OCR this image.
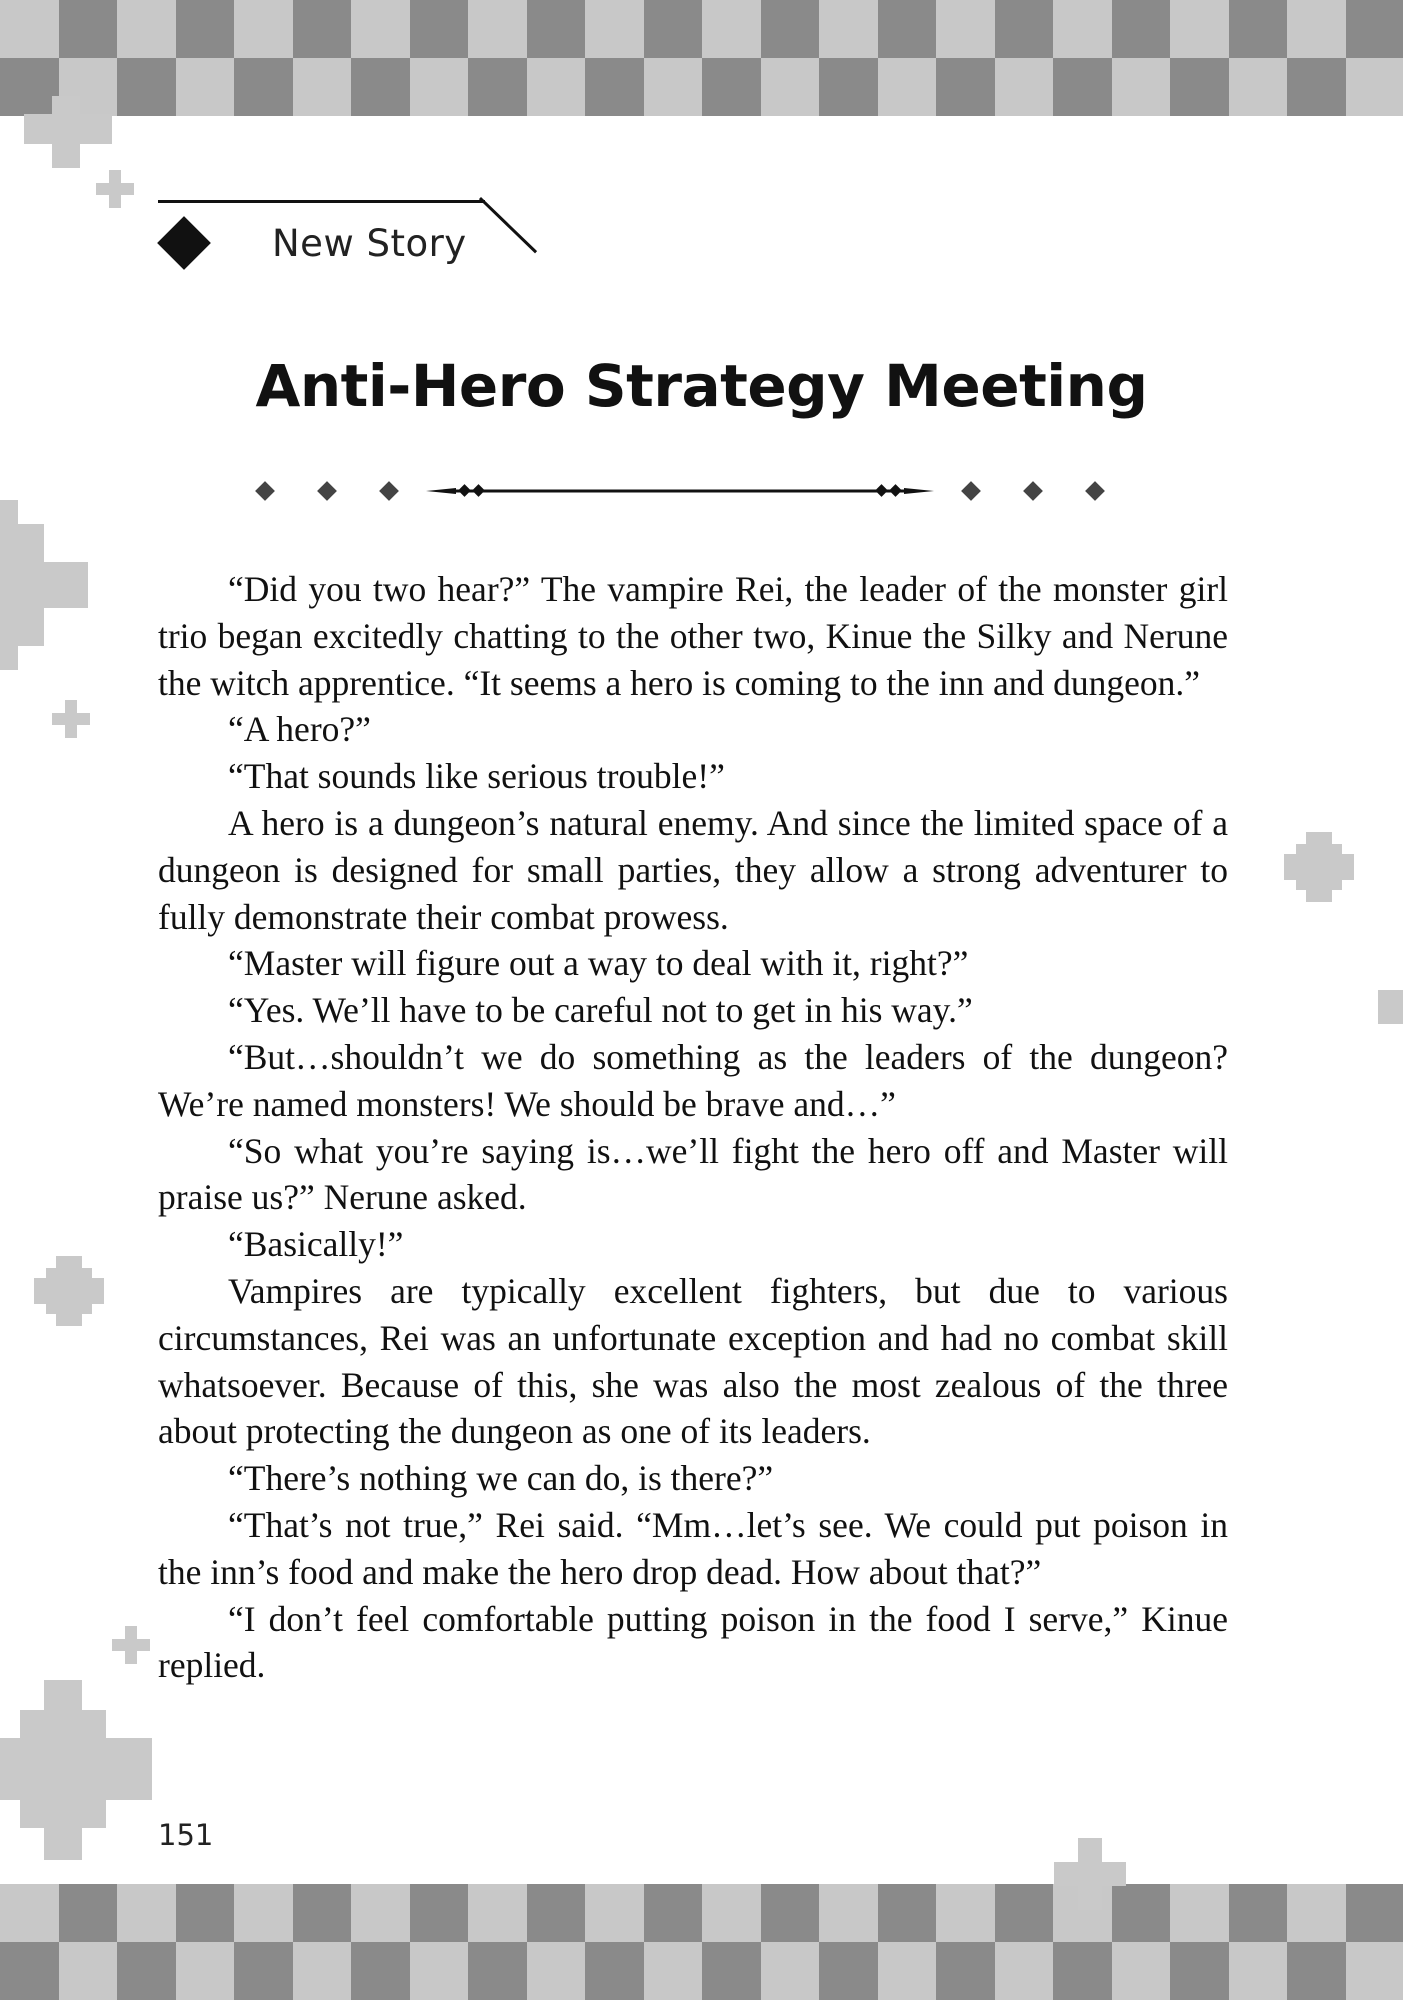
New Story
Anti-Hero Strategy Meeting

“Did you two hear?” The vampire Rei, the leader of the monster girl trio began excitedly chatting to the other two, Kinue the Silky and Nerune the witch apprentice. “It seems a hero is coming to the inn and dungeon.”

“A hero?”

“That sounds like serious trouble!”

A hero is a dungeon’s natural enemy. And since the limited space of a dungeon is designed for small parties, they allow a strong adventurer to fully demonstrate their combat prowess.

“Master will figure out a way to deal with it, right?”

“Yes. We’ll have to be careful not to get in his way.”

“But…shouldn’t we do something as the leaders of the dungeon? We’re named monsters! We should be brave and…”

“So what you’re saying is…we’ll fight the hero off and Master will praise us?” Nerune asked.

“Basically!”

Vampires are typically excellent fighters, but due to various circumstances, Rei was an unfortunate exception and had no combat skill whatsoever. Because of this, she was also the most zealous of the three about protecting the dungeon as one of its leaders.

“There’s nothing we can do, is there?”

“That’s not true,” Rei said. “Mm…let’s see. We could put poison in the inn’s food and make the hero drop dead. How about that?”

“I don’t feel comfortable putting poison in the food I serve,” Kinue replied.

151
